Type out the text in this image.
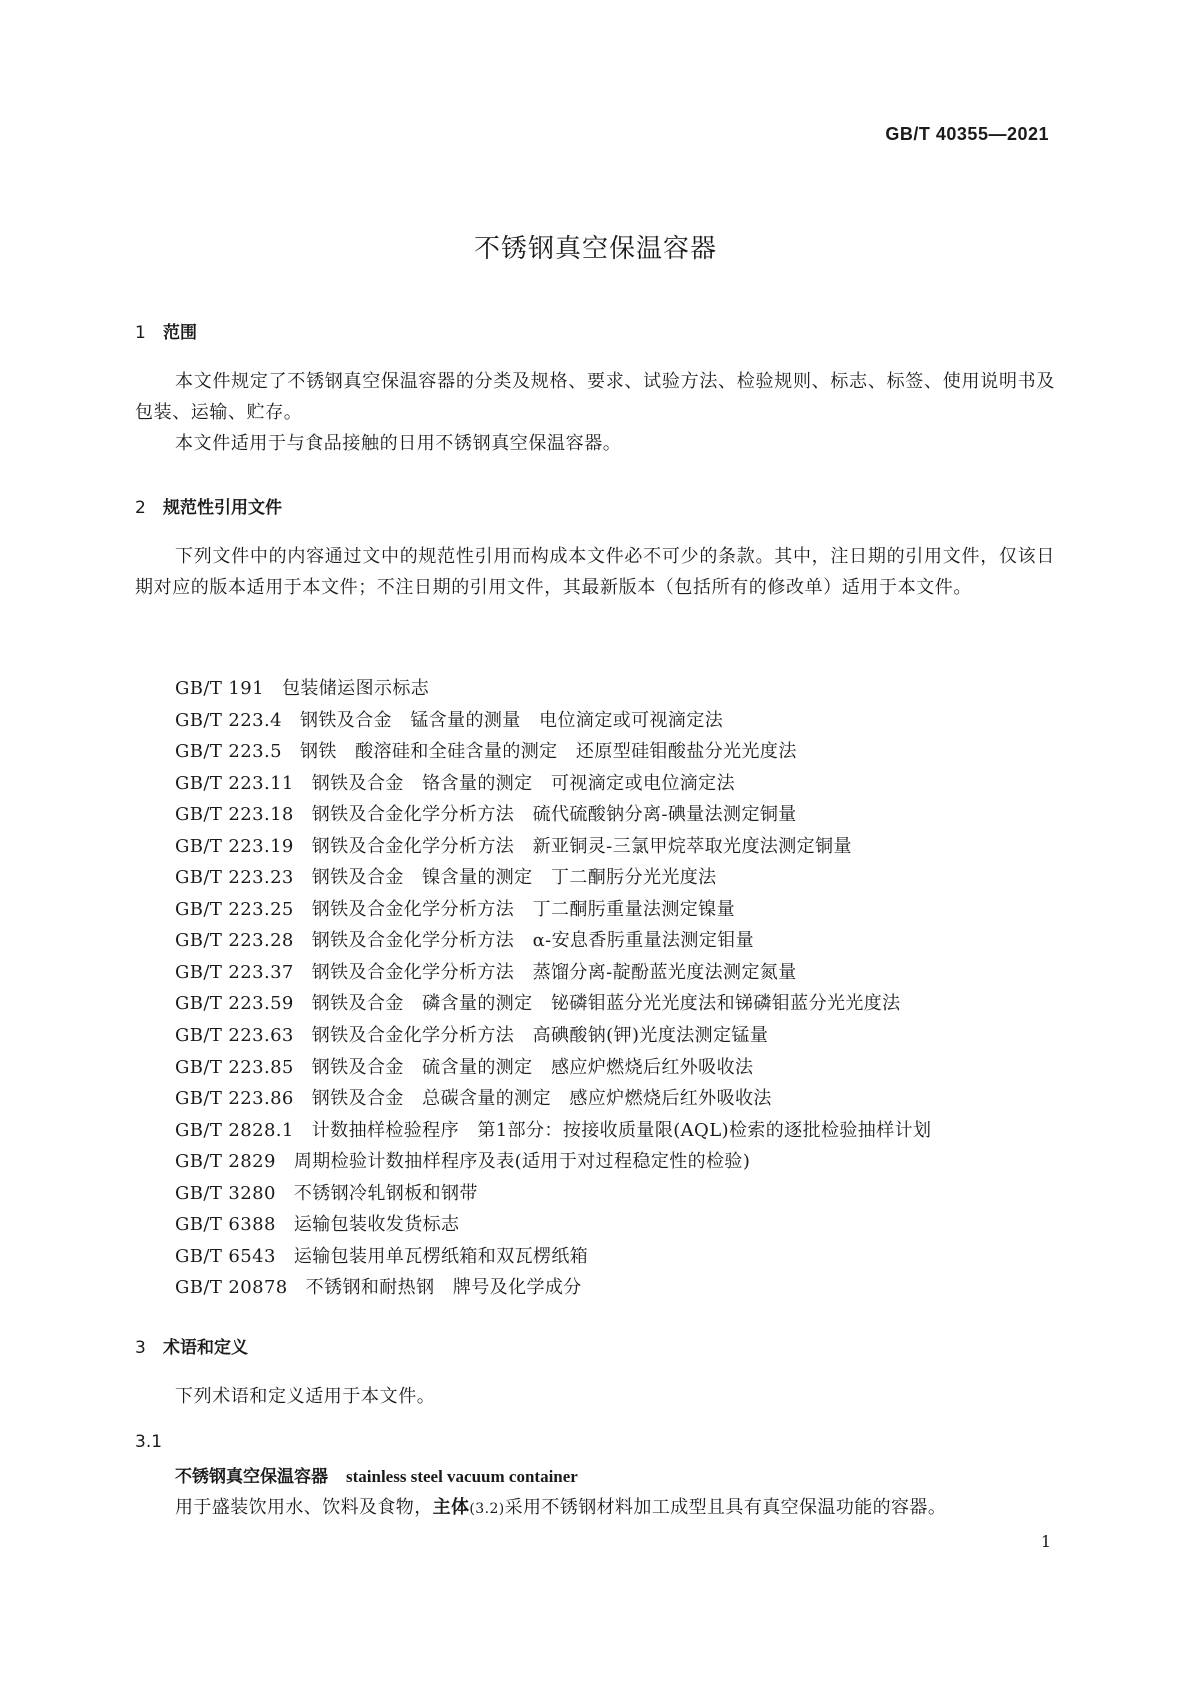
GB/T 40355—2021
不锈钢真空保温容器
1 范围
本文件规定了不锈钢真空保温容器的分类及规格、要求、试验方法、检验规则、标志、标签、使用说明书及包装、运输、贮存。
本文件适用于与食品接触的日用不锈钢真空保温容器。
2 规范性引用文件
下列文件中的内容通过文中的规范性引用而构成本文件必不可少的条款。其中，注日期的引用文件，仅该日期对应的版本适用于本文件；不注日期的引用文件，其最新版本（包括所有的修改单）适用于本文件。
GB/T 191 包装储运图示标志
GB/T 223.4 钢铁及合金　锰含量的测量　电位滴定或可视滴定法
GB/T 223.5 钢铁　酸溶硅和全硅含量的测定　还原型硅钼酸盐分光光度法
GB/T 223.11 钢铁及合金　铬含量的测定　可视滴定或电位滴定法
GB/T 223.18 钢铁及合金化学分析方法　硫代硫酸钠分离-碘量法测定铜量
GB/T 223.19 钢铁及合金化学分析方法　新亚铜灵-三氯甲烷萃取光度法测定铜量
GB/T 223.23 钢铁及合金　镍含量的测定　丁二酮肟分光光度法
GB/T 223.25 钢铁及合金化学分析方法　丁二酮肟重量法测定镍量
GB/T 223.28 钢铁及合金化学分析方法　α-安息香肟重量法测定钼量
GB/T 223.37 钢铁及合金化学分析方法　蒸馏分离-靛酚蓝光度法测定氮量
GB/T 223.59 钢铁及合金　磷含量的测定　铋磷钼蓝分光光度法和锑磷钼蓝分光光度法
GB/T 223.63 钢铁及合金化学分析方法　高碘酸钠(钾)光度法测定锰量
GB/T 223.85 钢铁及合金　硫含量的测定　感应炉燃烧后红外吸收法
GB/T 223.86 钢铁及合金　总碳含量的测定　感应炉燃烧后红外吸收法
GB/T 2828.1 计数抽样检验程序　第1部分：按接收质量限(AQL)检索的逐批检验抽样计划
GB/T 2829 周期检验计数抽样程序及表(适用于对过程稳定性的检验)
GB/T 3280 不锈钢冷轧钢板和钢带
GB/T 6388 运输包装收发货标志
GB/T 6543 运输包装用单瓦楞纸箱和双瓦楞纸箱
GB/T 20878 不锈钢和耐热钢　牌号及化学成分
3 术语和定义
下列术语和定义适用于本文件。
3.1
不锈钢真空保温容器 stainless steel vacuum container
用于盛装饮用水、饮料及食物，主体(3.2)采用不锈钢材料加工成型且具有真空保温功能的容器。
1
